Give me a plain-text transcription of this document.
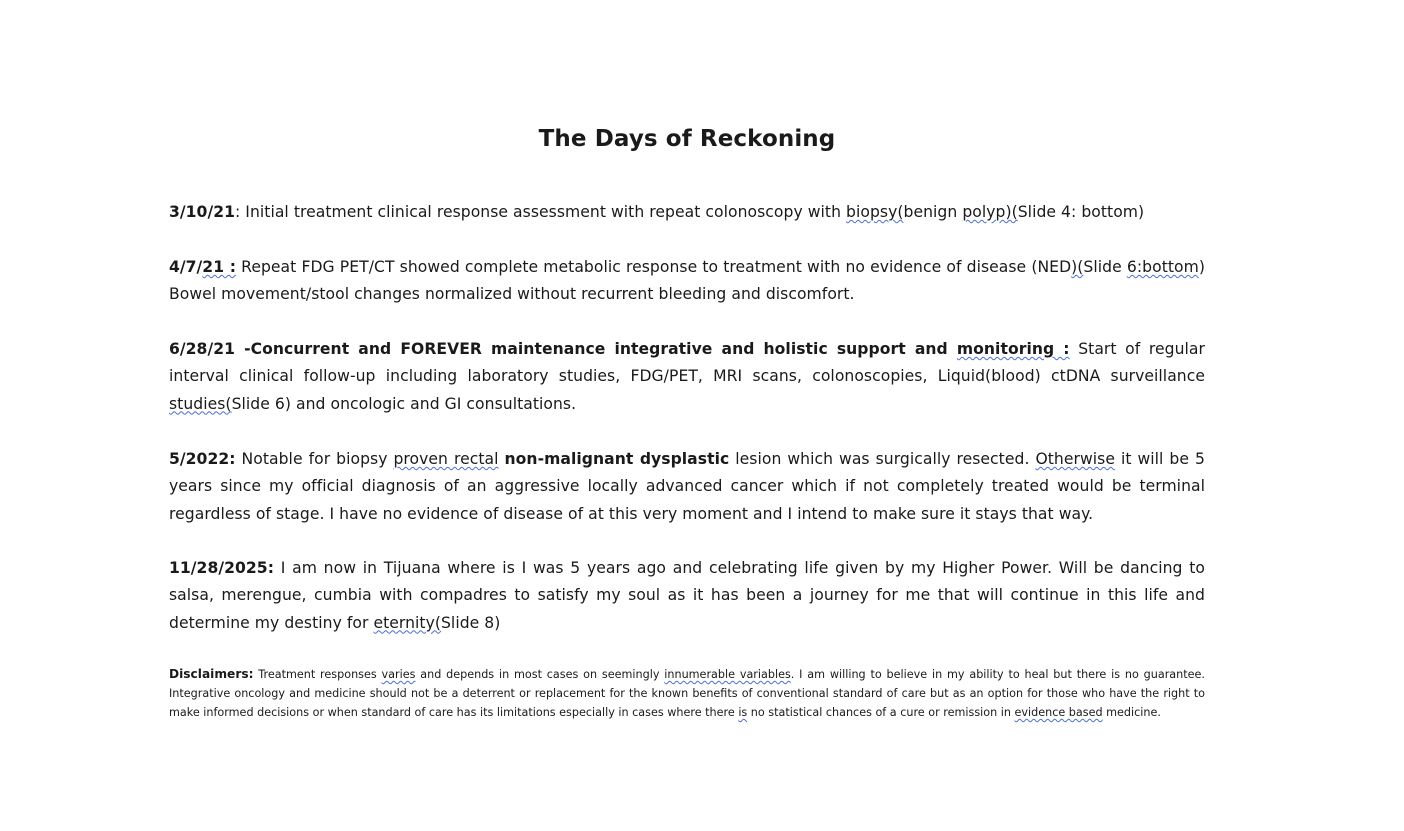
The Days of Reckoning

3/10/21: Initial treatment clinical response assessment with repeat colonoscopy with biopsy(benign polyp)(Slide 4: bottom)

4/7/21 : Repeat FDG PET/CT showed complete metabolic response to treatment with no evidence of disease (NED)(Slide 6:bottom) Bowel movement/stool changes normalized without recurrent bleeding and discomfort.

6/28/21 -Concurrent and FOREVER maintenance integrative and holistic support and monitoring : Start of regular interval clinical follow-up including laboratory studies, FDG/PET, MRI scans, colonoscopies, Liquid(blood) ctDNA surveillance studies(Slide 6) and oncologic and GI consultations.

5/2022: Notable for biopsy proven rectal non-malignant dysplastic lesion which was surgically resected. Otherwise it will be 5 years since my official diagnosis of an aggressive locally advanced cancer which if not completely treated would be terminal regardless of stage. I have no evidence of disease of at this very moment and I intend to make sure it stays that way.

11/28/2025: I am now in Tijuana where is I was 5 years ago and celebrating life given by my Higher Power. Will be dancing to salsa, merengue, cumbia with compadres to satisfy my soul as it has been a journey for me that will continue in this life and determine my destiny for eternity(Slide 8)

Disclaimers: Treatment responses varies and depends in most cases on seemingly innumerable variables. I am willing to believe in my ability to heal but there is no guarantee. Integrative oncology and medicine should not be a deterrent or replacement for the known benefits of conventional standard of care but as an option for those who have the right to make informed decisions or when standard of care has its limitations especially in cases where there is no statistical chances of a cure or remission in evidence based medicine.
